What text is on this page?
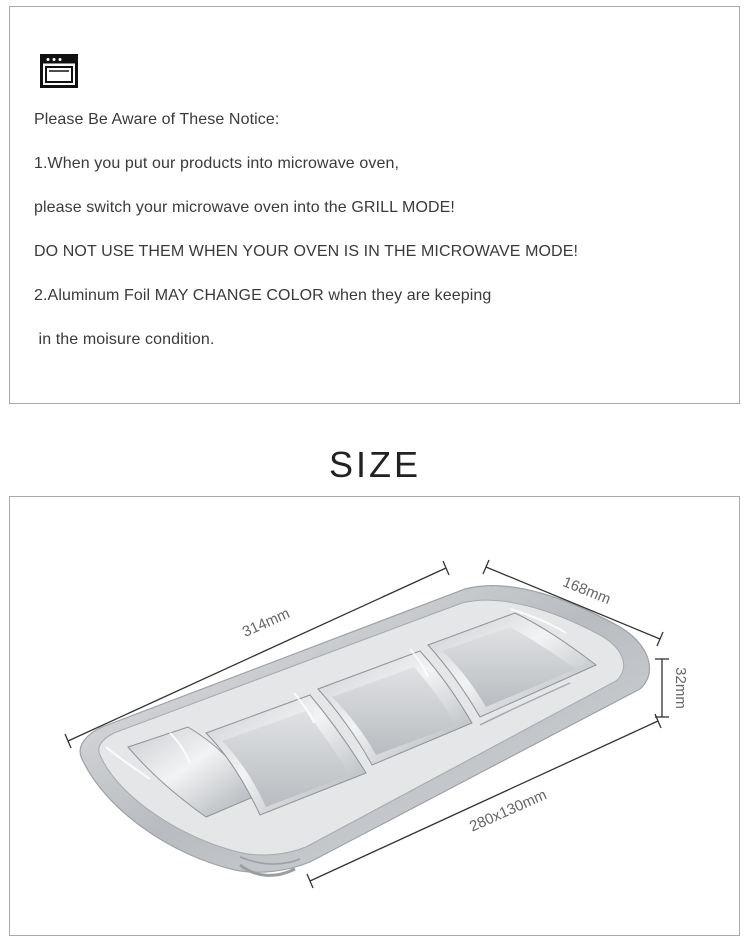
Please Be Aware of These Notice:
1.When you put our products into microwave oven,
please switch your microwave oven into the GRILL MODE!
DO NOT USE THEM WHEN YOUR OVEN IS IN THE MICROWAVE MODE!
2.Aluminum Foil MAY CHANGE COLOR when they are keeping
in the moisure condition.
SIZE
314mm
168mm
32mm
280x130mm
